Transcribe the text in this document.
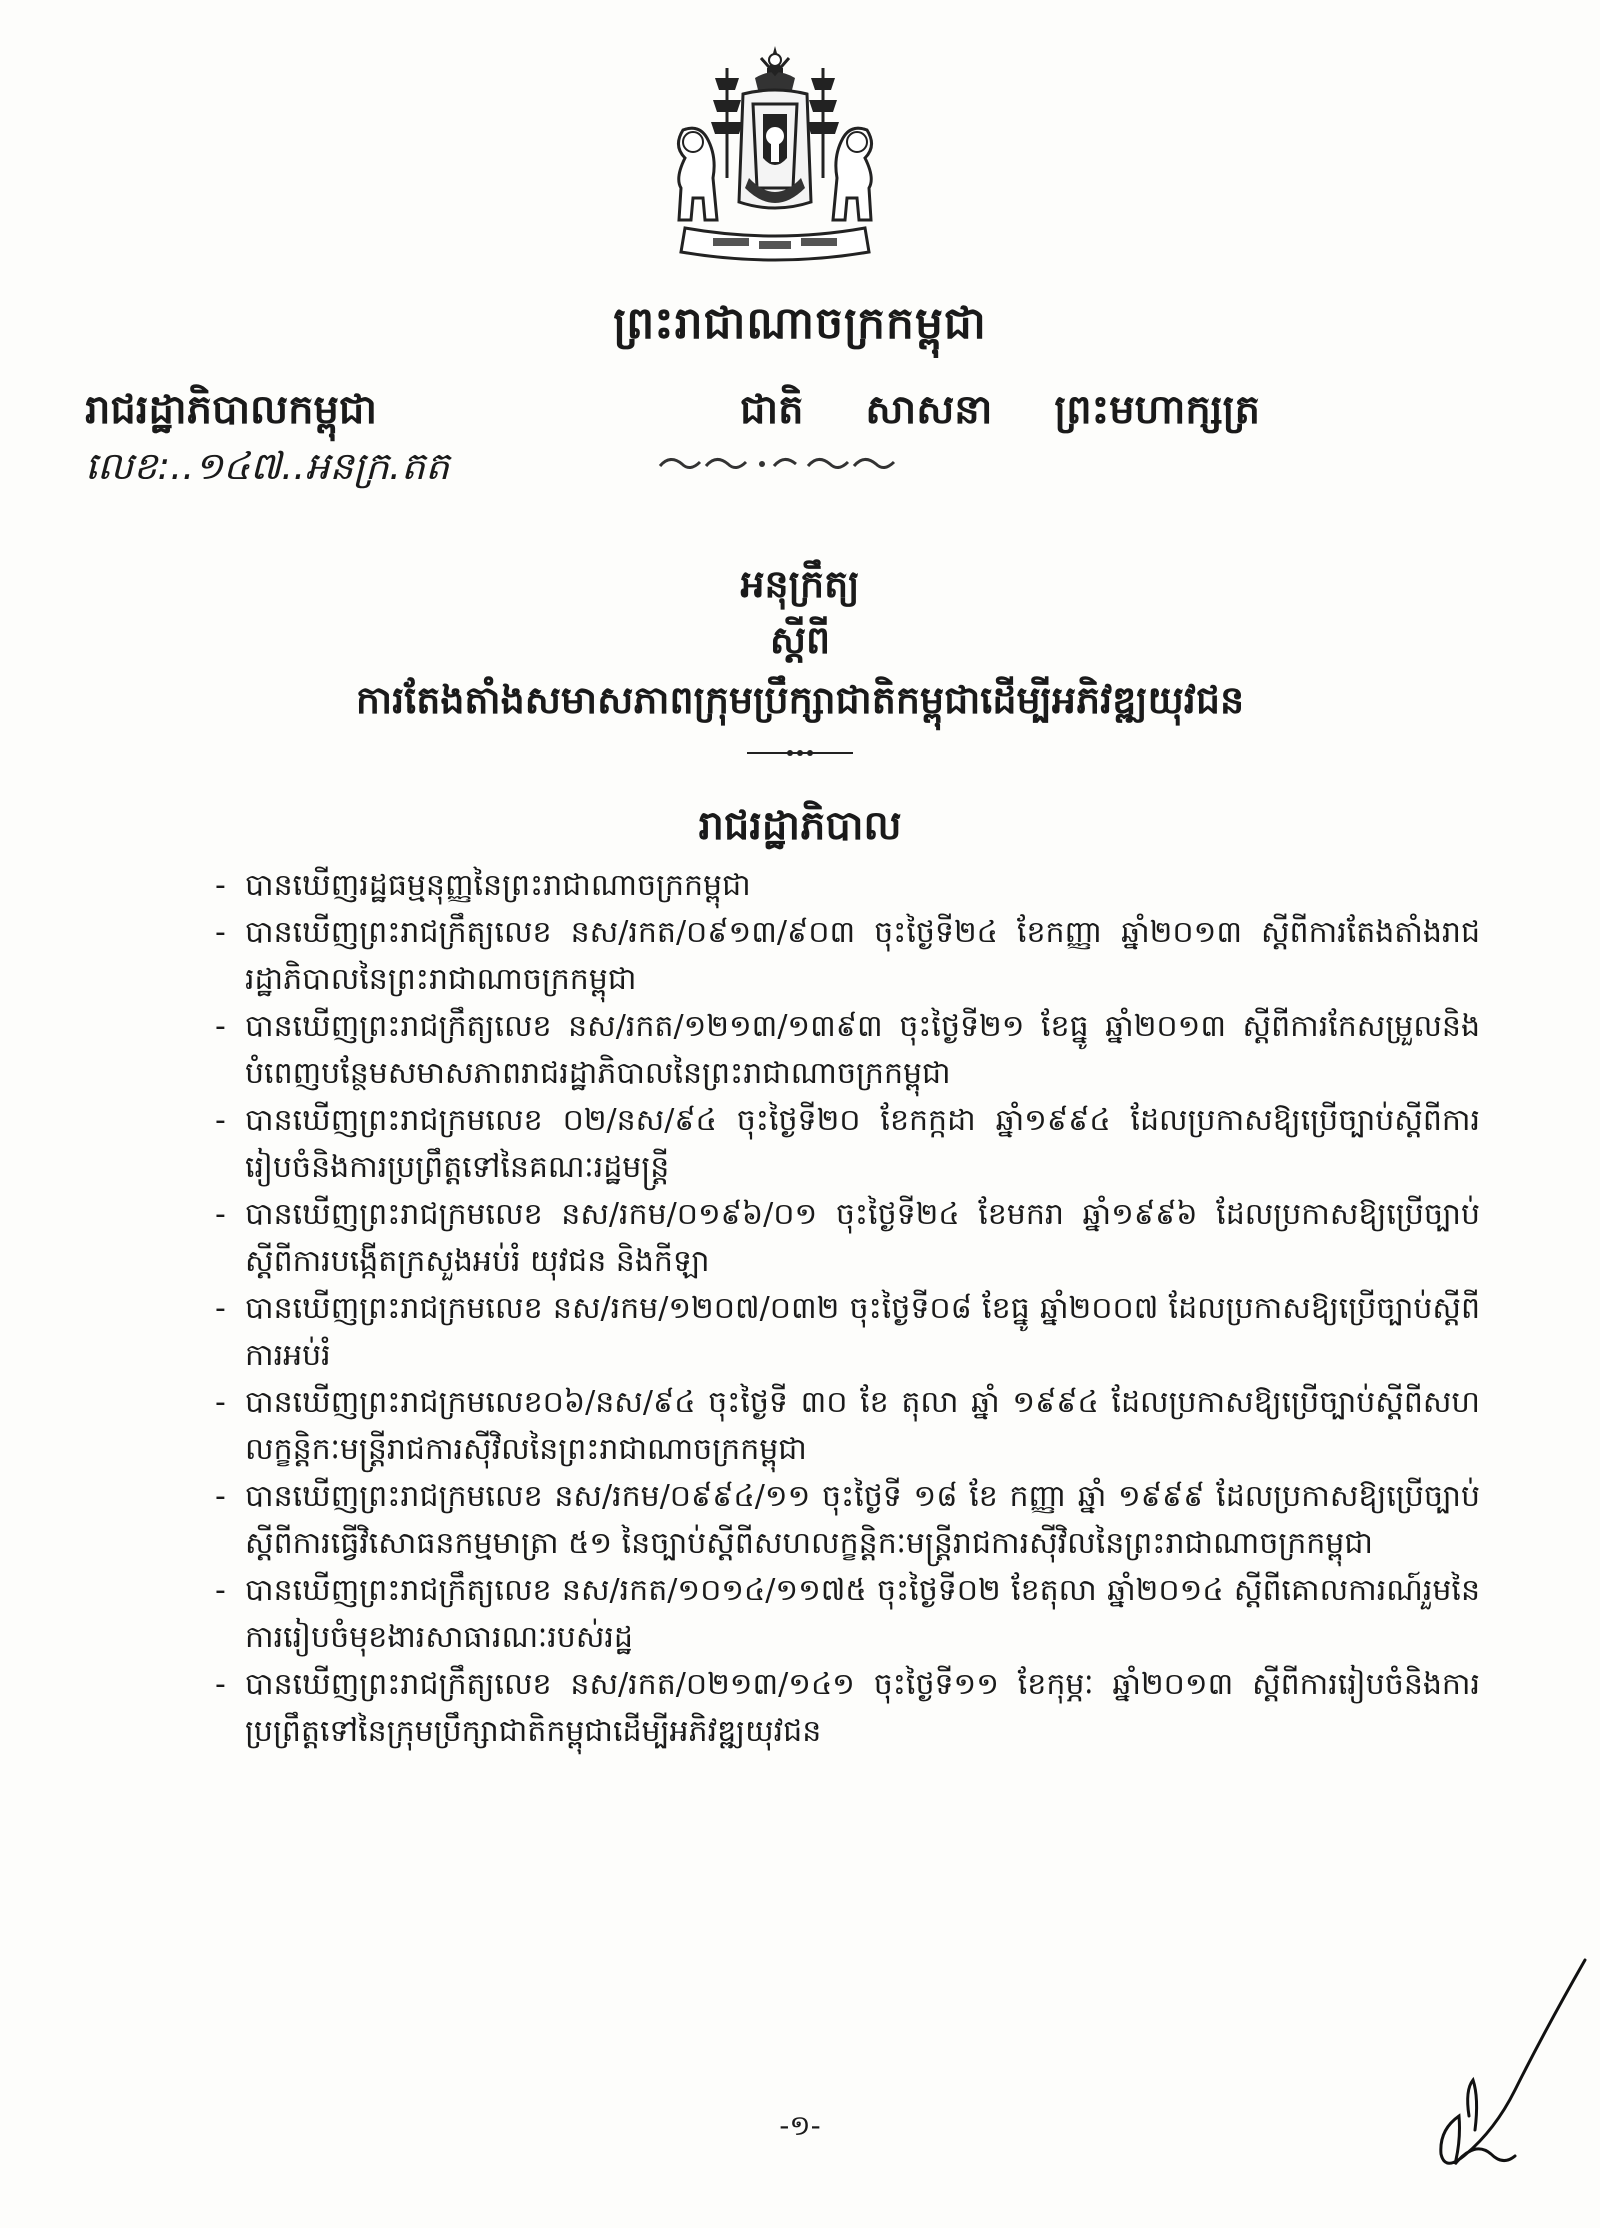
ព្រះរាជាណាចក្រកម្ពុជា
រាជរដ្ឋាភិបាលកម្ពុជា
លេខ:..១៤៧..អនក្រ.តត
ជាតិ សាសនា ព្រះមហាក្សត្រ
អនុក្រឹត្យ
ស្តីពី
ការតែងតាំងសមាសភាពក្រុមប្រឹក្សាជាតិកម្ពុជាដើម្បីអភិវឌ្ឍយុវជន
រាជរដ្ឋាភិបាល
- បានឃើញរដ្ឋធម្មនុញ្ញនៃព្រះរាជាណាចក្រកម្ពុជា
- បានឃើញព្រះរាជក្រឹត្យលេខ នស/រកត/០៩១៣/៩០៣ ចុះថ្ងៃទី២៤ ខែកញ្ញា ឆ្នាំ២០១៣ ស្តីពីការតែងតាំងរាជរដ្ឋាភិបាលនៃព្រះរាជាណាចក្រកម្ពុជា
- បានឃើញព្រះរាជក្រឹត្យលេខ នស/រកត/១២១៣/១៣៩៣ ចុះថ្ងៃទី២១ ខែធ្នូ ឆ្នាំ២០១៣ ស្តីពីការកែសម្រួលនិងបំពេញបន្ថែមសមាសភាពរាជរដ្ឋាភិបាលនៃព្រះរាជាណាចក្រកម្ពុជា
- បានឃើញព្រះរាជក្រមលេខ ០២/នស/៩៤ ចុះថ្ងៃទី២០ ខែកក្កដា ឆ្នាំ១៩៩៤ ដែលប្រកាសឱ្យប្រើច្បាប់ស្តីពីការរៀបចំនិងការប្រព្រឹត្តទៅនៃគណៈរដ្ឋមន្ត្រី
- បានឃើញព្រះរាជក្រមលេខ នស/រកម/០១៩៦/០១ ចុះថ្ងៃទី២៤ ខែមករា ឆ្នាំ១៩៩៦ ដែលប្រកាសឱ្យប្រើច្បាប់ស្តីពីការបង្កើតក្រសួងអប់រំ យុវជន និងកីឡា
- បានឃើញព្រះរាជក្រមលេខ នស/រកម/១២០៧/០៣២ ចុះថ្ងៃទី០៨ ខែធ្នូ ឆ្នាំ២០០៧ ដែលប្រកាសឱ្យប្រើច្បាប់ស្តីពីការអប់រំ
- បានឃើញព្រះរាជក្រមលេខ០៦/នស/៩៤ ចុះថ្ងៃទី ៣០ ខែ តុលា ឆ្នាំ ១៩៩៤ ដែលប្រកាសឱ្យប្រើច្បាប់ស្តីពីសហលក្ខន្តិកៈមន្ត្រីរាជការស៊ីវិលនៃព្រះរាជាណាចក្រកម្ពុជា
- បានឃើញព្រះរាជក្រមលេខ នស/រកម/០៩៩៤/១១ ចុះថ្ងៃទី ១៨ ខែ កញ្ញា ឆ្នាំ ១៩៩៩ ដែលប្រកាសឱ្យប្រើច្បាប់ស្តីពីការធ្វើវិសោធនកម្មមាត្រា ៥១ នៃច្បាប់ស្តីពីសហលក្ខន្តិកៈមន្ត្រីរាជការស៊ីវិលនៃព្រះរាជាណាចក្រកម្ពុជា
- បានឃើញព្រះរាជក្រឹត្យលេខ នស/រកត/១០១៤/១១៧៥ ចុះថ្ងៃទី០២ ខែតុលា ឆ្នាំ២០១៤ ស្តីពីគោលការណ៍រួមនៃការរៀបចំមុខងារសាធារណៈរបស់រដ្ឋ
- បានឃើញព្រះរាជក្រឹត្យលេខ នស/រកត/០២១៣/១៤១ ចុះថ្ងៃទី១១ ខែកុម្ភៈ ឆ្នាំ២០១៣ ស្តីពីការរៀបចំនិងការប្រព្រឹត្តទៅនៃក្រុមប្រឹក្សាជាតិកម្ពុជាដើម្បីអភិវឌ្ឍយុវជន
-១-
